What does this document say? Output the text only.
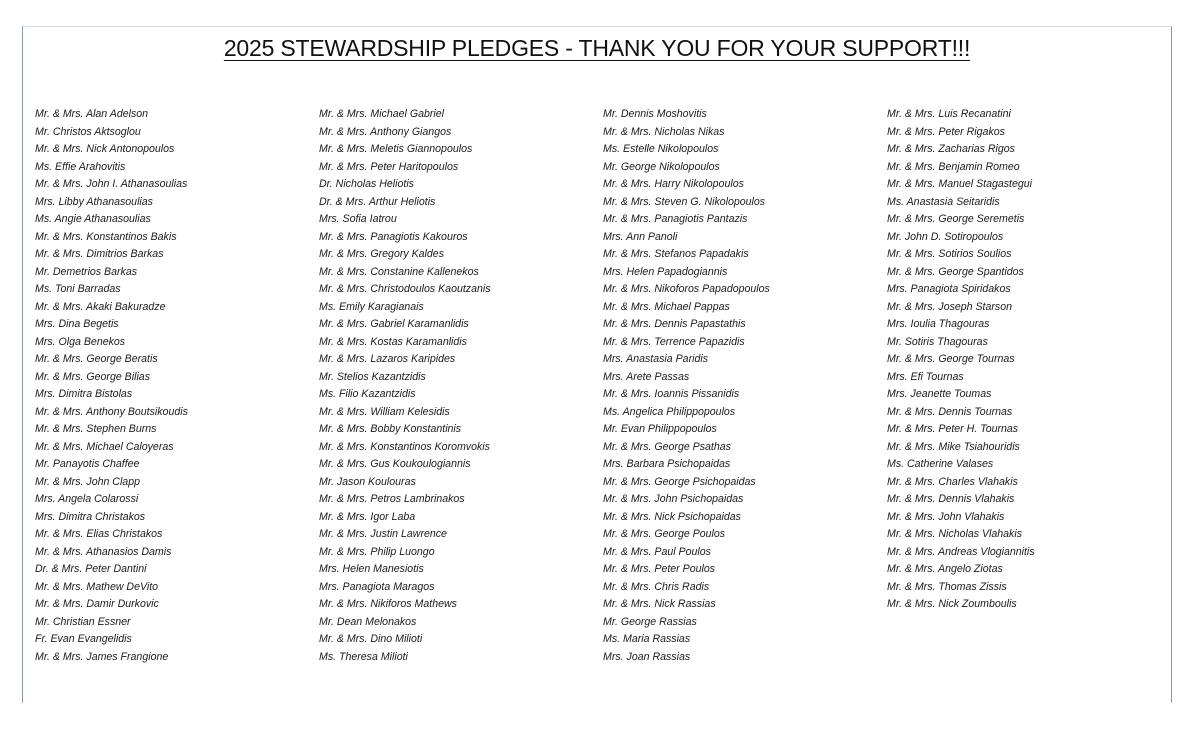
2025 STEWARDSHIP PLEDGES - THANK YOU FOR YOUR SUPPORT!!!
Mr. & Mrs. Alan Adelson
Mr. Christos Aktsoglou
Mr. & Mrs. Nick Antonopoulos
Ms. Effie Arahovitis
Mr. & Mrs. John I. Athanasoulias
Mrs. Libby Athanasoulias
Ms. Angie Athanasoulias
Mr. & Mrs. Konstantinos Bakis
Mr. & Mrs. Dimitrios Barkas
Mr. Demetrios Barkas
Ms. Toni Barradas
Mr. & Mrs. Akaki Bakuradze
Mrs. Dina Begetis
Mrs. Olga Benekos
Mr. & Mrs. George Beratis
Mr. & Mrs. George Bilias
Mrs. Dimitra Bistolas
Mr. & Mrs. Anthony Boutsikoudis
Mr. & Mrs. Stephen Burns
Mr. & Mrs. Michael Caloyeras
Mr. Panayotis Chaffee
Mr. & Mrs. John Clapp
Mrs. Angela Colarossi
Mrs. Dimitra Christakos
Mr. & Mrs. Elias Christakos
Mr. & Mrs. Athanasios Damis
Dr. & Mrs. Peter Dantini
Mr. & Mrs. Mathew DeVito
Mr. & Mrs. Damir Durkovic
Mr. Christian Essner
Fr. Evan Evangelidis
Mr. & Mrs. James Frangione
Mr. & Mrs. Michael Gabriel
Mr. & Mrs. Anthony Giangos
Mr. & Mrs. Meletis Giannopoulos
Mr. & Mrs. Peter Haritopoulos
Dr. Nicholas Heliotis
Dr. & Mrs. Arthur Heliotis
Mrs. Sofia Iatrou
Mr. & Mrs. Panagiotis Kakouros
Mr. & Mrs. Gregory Kaldes
Mr. & Mrs. Constanine Kallenekos
Mr. & Mrs. Christodoulos Kaoutzanis
Ms. Emily Karagianais
Mr. & Mrs. Gabriel Karamanlidis
Mr. & Mrs. Kostas Karamanlidis
Mr. & Mrs. Lazaros Karipides
Mr. Stelios Kazantzidis
Ms. Filio Kazantzidis
Mr. & Mrs. William Kelesidis
Mr. & Mrs. Bobby Konstantinis
Mr. & Mrs. Konstantinos Koromvokis
Mr. & Mrs. Gus Koukoulogiannis
Mr. Jason Koulouras
Mr. & Mrs. Petros Lambrinakos
Mr. & Mrs. Igor Laba
Mr. & Mrs. Justin Lawrence
Mr. & Mrs. Philip Luongo
Mrs. Helen Manesiotis
Mrs. Panagiota Maragos
Mr. & Mrs. Nikiforos Mathews
Mr. Dean Melonakos
Mr. & Mrs. Dino Milioti
Ms. Theresa Milioti
Mr. Dennis Moshovitis
Mr. & Mrs. Nicholas Nikas
Ms. Estelle Nikolopoulos
Mr. George Nikolopoulos
Mr. & Mrs. Harry Nikolopoulos
Mr. & Mrs. Steven G. Nikolopoulos
Mr. & Mrs. Panagiotis Pantazis
Mrs. Ann Panoli
Mr. & Mrs. Stefanos Papadakis
Mrs. Helen Papadogiannis
Mr. & Mrs. Nikoforos Papadopoulos
Mr. & Mrs. Michael Pappas
Mr. & Mrs. Dennis Papastathis
Mr. & Mrs. Terrence Papazidis
Mrs. Anastasia Paridis
Mrs. Arete Passas
Mr. & Mrs. Ioannis Pissanidis
Ms. Angelica Philippopoulos
Mr. Evan Philippopoulos
Mr. & Mrs. George Psathas
Mrs. Barbara Psichopaidas
Mr. & Mrs. George Psichopaidas
Mr. & Mrs. John Psichopaidas
Mr. & Mrs. Nick Psichopaidas
Mr. & Mrs. George Poulos
Mr. & Mrs. Paul Poulos
Mr. & Mrs. Peter Poulos
Mr. & Mrs. Chris Radis
Mr. & Mrs. Nick Rassias
Mr. George Rassias
Ms. Maria Rassias
Mrs. Joan Rassias
Mr. & Mrs. Luis Recanatini
Mr. & Mrs. Peter Rigakos
Mr. & Mrs. Zacharias Rigos
Mr. & Mrs. Benjamin Romeo
Mr. & Mrs. Manuel Stagastegui
Ms. Anastasia Seitaridis
Mr. & Mrs. George Seremetis
Mr. John D. Sotiropoulos
Mr. & Mrs. Sotirios Soulios
Mr. & Mrs. George Spantidos
Mrs. Panagiota Spiridakos
Mr. & Mrs. Joseph Starson
Mrs. Ioulia Thagouras
Mr. Sotiris Thagouras
Mr. & Mrs. George Tournas
Mrs. Efi Tournas
Mrs. Jeanette Toumas
Mr. & Mrs. Dennis Tournas
Mr. & Mrs. Peter H. Tournas
Mr. & Mrs. Mike Tsiahouridis
Ms. Catherine Valases
Mr. & Mrs. Charles Vlahakis
Mr. & Mrs. Dennis Vlahakis
Mr. & Mrs. John Vlahakis
Mr. & Mrs. Nicholas Vlahakis
Mr. & Mrs. Andreas Vlogiannitis
Mr. & Mrs. Angelo Ziotas
Mr. & Mrs. Thomas Zissis
Mr. & Mrs. Nick Zoumboulis
